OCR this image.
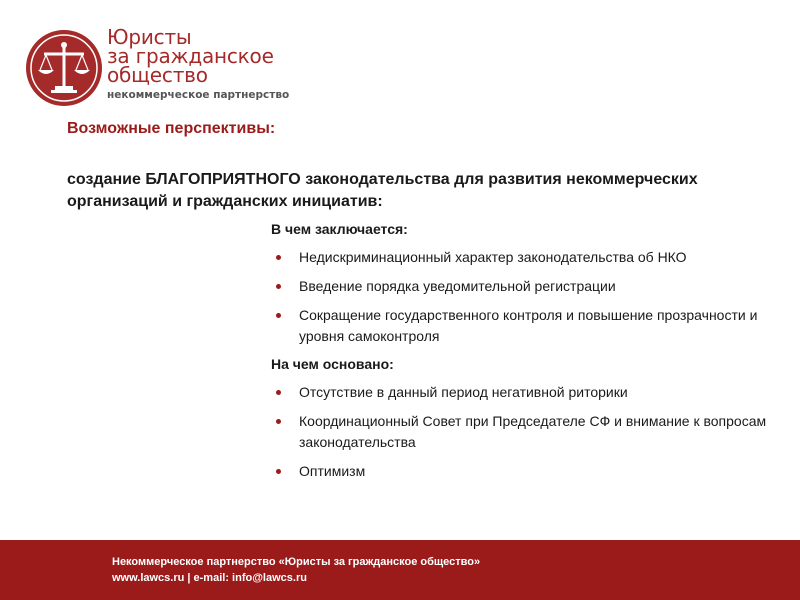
Юристы
за гражданское
общество
некоммерческое партнерство
Возможные перспективы:
создание БЛАГОПРИЯТНОГО законодательства для развития некоммерческих организаций и гражданских инициатив:
В чем заключается:
Недискриминационный характер законодательства об НКО
Введение порядка уведомительной регистрации
Сокращение государственного контроля и повышение прозрачности и уровня самоконтроля
На чем основано:
Отсутствие в данный период негативной риторики
Координационный Совет при Председателе СФ и внимание к вопросам законодательства
Оптимизм
Некоммерческое партнерство «Юристы за гражданское общество»
www.lawcs.ru | e-mail: info@lawcs.ru
